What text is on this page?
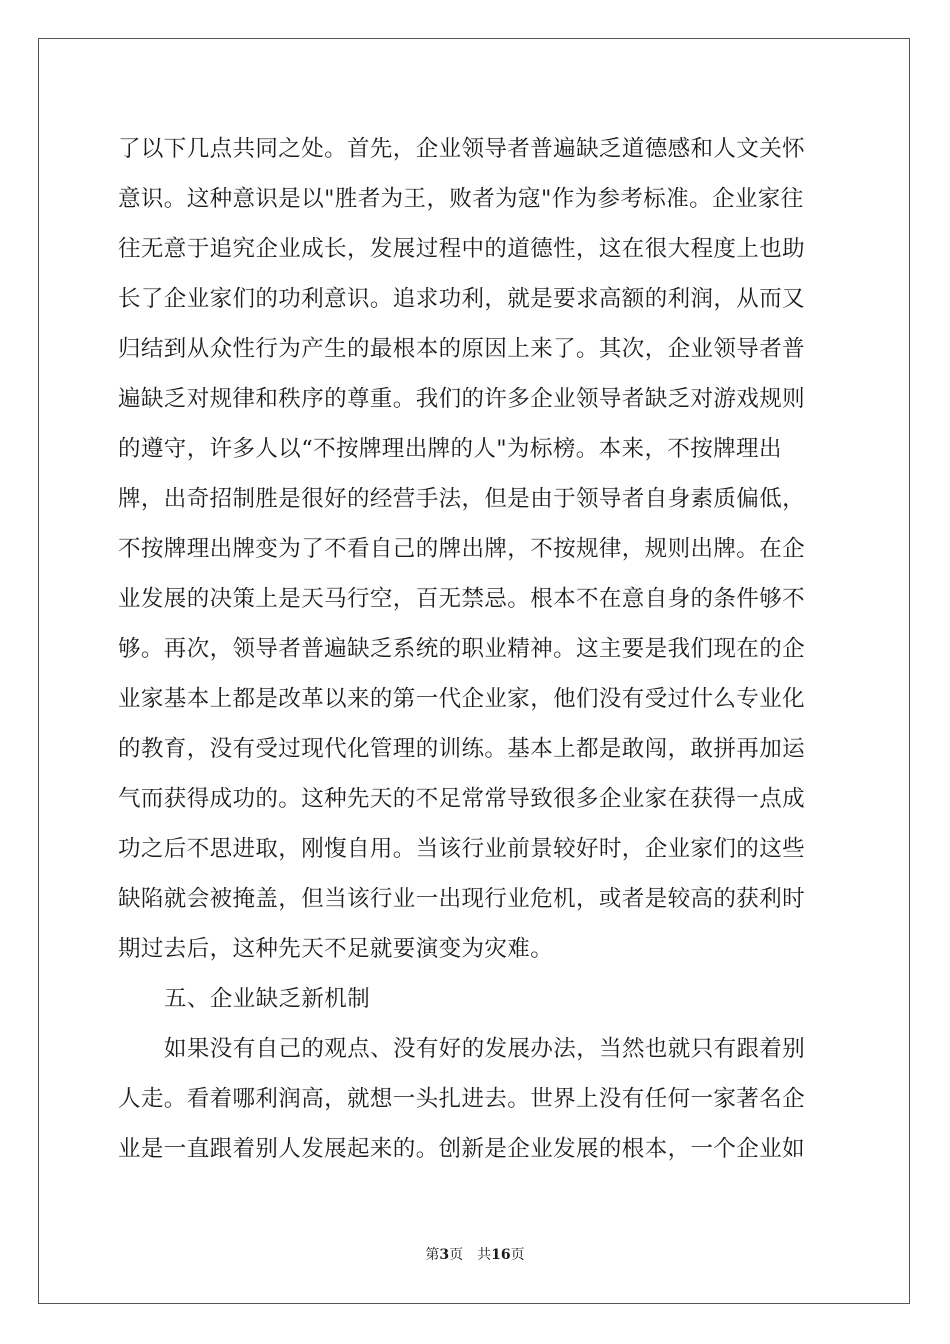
了以下几点共同之处。首先，企业领导者普遍缺乏道德感和人文关怀
意识。这种意识是以"胜者为王，败者为寇"作为参考标准。企业家往
往无意于追究企业成长，发展过程中的道德性，这在很大程度上也助
长了企业家们的功利意识。追求功利，就是要求高额的利润，从而又
归结到从众性行为产生的最根本的原因上来了。其次，企业领导者普
遍缺乏对规律和秩序的尊重。我们的许多企业领导者缺乏对游戏规则
的遵守，许多人以“不按牌理出牌的人"为标榜。本来，不按牌理出
牌，出奇招制胜是很好的经营手法，但是由于领导者自身素质偏低，
不按牌理出牌变为了不看自己的牌出牌，不按规律，规则出牌。在企
业发展的决策上是天马行空，百无禁忌。根本不在意自身的条件够不
够。再次，领导者普遍缺乏系统的职业精神。这主要是我们现在的企
业家基本上都是改革以来的第一代企业家，他们没有受过什么专业化
的教育，没有受过现代化管理的训练。基本上都是敢闯，敢拼再加运
气而获得成功的。这种先天的不足常常导致很多企业家在获得一点成
功之后不思进取，刚愎自用。当该行业前景较好时，企业家们的这些
缺陷就会被掩盖，但当该行业一出现行业危机，或者是较高的获利时
期过去后，这种先天不足就要演变为灾难。
五、企业缺乏新机制
如果没有自己的观点、没有好的发展办法，当然也就只有跟着别
人走。看着哪利润高，就想一头扎进去。世界上没有任何一家著名企
业是一直跟着别人发展起来的。创新是企业发展的根本，一个企业如
第3页 共16页
